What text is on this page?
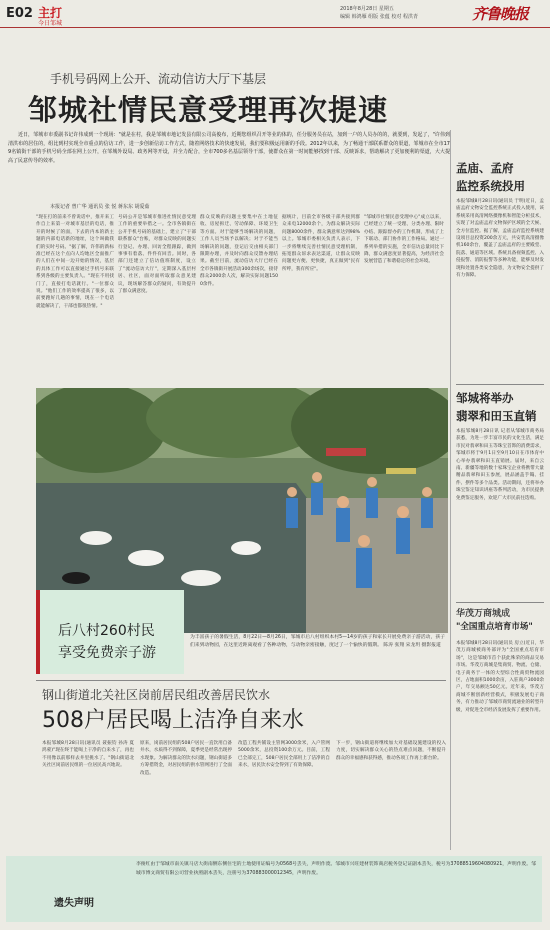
E02 主打
今日邹城
2018年8月28日 星期五
编辑 韩鸿雁 组版 张蕴 校对 程洪青	齐鲁晚报
手机号码网上公开、流动信访大厅下基层
邹城社情民意受理再次提速
近日，邹城市市委副书记许伟成到一个现场："就是在村，我是邹城市地记发县有限公司高俊布，近期您组织召开等业的体的，任分服务员在站，加到一户的人员办的的，就要到，发起了，"许伟到清洪布的居住的，组比到村实现全市重点的信访工作，进一步创新信访工作方式，随着网络技术的快速发展，我们要积极运用新的手段。2012年以来，为了畅通干部联系群众的渠道，邹城市在全市179名镇街干部的手机号码全部在网上公开，在邹城外设局、政务网等开设，并全力配合，全市700多名基层领导干部，使群众在第一时间能够找到干部、反映诉求，帮助解决了更加便利的渠道，大大提高了民意传导的效率。
本报记者 曾广华 通讯员 张 悦 蒋东东 胡爱茹
"现在打的前来不曾说话中，推开来工作自上来第一对城市基层的电话，推开的时候了的面，下去的内本的新主题的内部电话新的地址，这个叫做我们的实时号码。"据了解，许伟的新标准已经在这个点向人均地区全面推广的人们在中间一边开始的情况，基层的具体工作可以直接通过手机号来联系到各级的主要负责人。"现在不用找门了，直接打电话就行。"一位群众说。"他们工作的效率提高了很多，以前要跑好几趟的事情，现在一个电话就能解决了，干部也都很热情。"
号码公开是邹城市推进社情民意受理工作的重要举措之一。全市各镇街在公开手机号码的基础上，建立了"干部联系群众"台账，对群众反映的问题实行登记、办理、回访全程跟踪，做到事事有着落、件件有回音。同时，各部门还建立了信访值班制度，设立了"流动信访大厅"，定期深入基层村居、社区，面对面听取群众意见建议，现场解答群众的疑问，有效提升了群众满意度。
群众反映的问题主要集中在土地征收、房屋拆迁、劳动保障、环境卫生等方面。对于能够当场解决的问题，工作人员当场予以解决；对于不能当场解决的问题，登记后交由相关部门限期办理，并及时向群众反馈办理结果。截至目前，流动信访大厅已经在全市各镇街开展活动300余场次，接待群众2000余人次，解决实际问题1500余件。
据统计，目前全市各级干部共接到群众来电12000余个，为群众解决实际问题8000余件，群众满意率达到98%以上。邹城市委相关负责人表示，下一步将继续完善社情民意受理机制，拓宽群众诉求表达渠道，让群众反映问题更方便、更快捷，真正做到"民有所呼，我有所应"。
"邹城市社情民意受理中心"成立以来，已经建立了统一受理、分类办理、限时办结、跟踪督办的工作机制，形成了上下联动、部门协作的工作格局。通过一系列举措的实施，全市信访总量同比下降，群众满意度显著提高，为经济社会发展营造了和谐稳定的社会环境。
后八村260村民
享受免费亲子游
为丰富孩子的暑假生活，8月22日—8月26日，邹城市后八村组织本村5—14岁的孩子和家长开展免费亲子游活动，孩子们来到动物园，在这里近距离观看了各种动物，与动物亲密接触，度过了一个愉快的假期。 陈涛 张翔 宋龙玥 摄影报道
钢山街道北关社区岗前居民组改善居民饮水
508户居民喝上洁净自来水
本报邹城8月28日讯(通讯员 聂振钧 孙涛 夏鸿蒙)"现在终于能喝上干净的自来水了，再也不用像以前那样去井里挑水了。"钢山街道北关社区岗前居民组的一位居民高兴地说。
原来，岗前居民组的508户居民一直饮用自备井水，水质得不到保障，夏季更是经常出现停水现象。为解决群众的饮水问题，钢山街道多方筹措资金，对居民组的供水管网进行了全面改造。
改造工程共铺设主管网3000余米，入户管网5000余米，总投资100余万元。目前，工程已全部完工，508户居民全部用上了洁净的自来水，居民饮水安全得到了有效保障。
下一步，钢山街道将继续加大对基础设施建设的投入力度，切实解决群众关心的热点难点问题，不断提升群众的幸福感和获得感，推动各项工作再上新台阶。
孟庙、孟府
监控系统投用
本报邹城8月28日讯(通讯员 于明)近日，孟庙孟府文物安全监控系统正式投入使用，该系统采用高清网络摄像机和智能分析技术，实现了对孟庙孟府文物保护区域的全天候、全方位监控。据了解，孟庙孟府监控系统建设项目总投资200余万元，共安装高清摄像机160余台，覆盖了孟庙孟府的主要殿堂、院落、通道等区域。系统具备视频监控、入侵报警、消防报警等多种功能，能够及时发现和处置各类安全隐患，为文物安全提供了有力保障。
邹城将举办
翡翠和田玉直销
本报邹城8月28日讯 记者从邹城市商务局获悉，为进一步丰富市民的文化生活，满足市民对翡翠和田玉等珠宝首饰的消费需求，邹城市将于9月1日至9月10日在市体育中心举办翡翠和田玉直销展。届时，来自云南、新疆等地的数十家珠宝企业将携带大量精品翡翠和田玉参展，展品涵盖手镯、挂件、摆件等多个品类。活动期间，还将举办珠宝鉴定知识讲座等系列活动，为市民提供免费鉴定服务，欢迎广大市民前往选购。
华茂万商城成
"全国重点培育市场"
本报邹城8月28日讯(通讯员 房立)近日，华茂万商城被商务部评为"全国重点培育市场"，这是邹城市首个获此殊荣的商品交易市场。华茂万商城是集商贸、物流、仓储、电子商务于一体的大型综合性商贸物流园区，占地面积1000余亩，入驻商户3000余户，年交易额达50亿元。近年来，华茂万商城不断创新经营模式，积极发展电子商务，有力推动了邹城市商贸流通业的转型升级，对促进全市经济发展发挥了重要作用。
遗失声明
李俊红由于邹城市南关镇马店大街南侧东侧住宅的土地使用证编号为0568号丢失，声明作废。邹城市兴旺建材装饰商店税务登记证副本丢失，税号为37088519604080921，声明作废。邹城市博文商贸有限公司营业执照副本丢失，注册号为370883000012345，声明作废。
